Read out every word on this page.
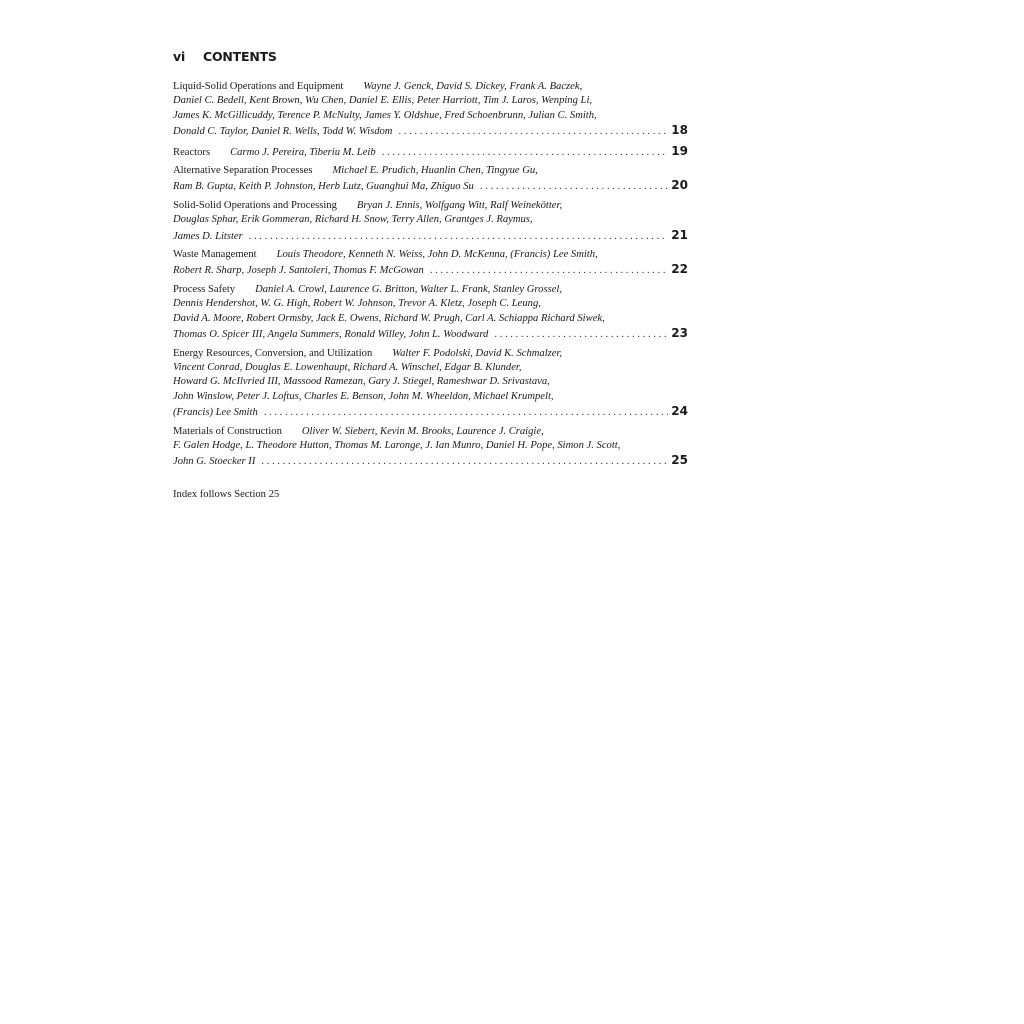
vi	CONTENTS
Liquid-Solid Operations and Equipment Wayne J. Genck, David S. Dickey, Frank A. Baczek,
Daniel C. Bedell, Kent Brown, Wu Chen, Daniel E. Ellis, Peter Harriott, Tim J. Laros, Wenping Li,
James K. McGillicuddy, Terence P. McNulty, James Y. Oldshue, Fred Schoenbrunn, Julian C. Smith,
Donald C. Taylor, Daniel R. Wells, Todd W. Wisdom . . .	18
Reactors Carmo J. Pereira, Tiberiu M. Leib . . .	19
Alternative Separation Processes Michael E. Prudich, Huanlin Chen, Tingyue Gu,
Ram B. Gupta, Keith P. Johnston, Herb Lutz, Guanghui Ma, Zhiguo Su . . .	20
Solid-Solid Operations and Processing Bryan J. Ennis, Wolfgang Witt, Ralf Weinekötter,
Douglas Sphar, Erik Gommeran, Richard H. Snow, Terry Allen, Grantges J. Raymus,
James D. Litster . . .	21
Waste Management Louis Theodore, Kenneth N. Weiss, John D. McKenna, (Francis) Lee Smith,
Robert R. Sharp, Joseph J. Santoleri, Thomas F. McGowan . . .	22
Process Safety Daniel A. Crowl, Laurence G. Britton, Walter L. Frank, Stanley Grossel,
Dennis Hendershot, W. G. High, Robert W. Johnson, Trevor A. Kletz, Joseph C. Leung,
David A. Moore, Robert Ormsby, Jack E. Owens, Richard W. Prugh, Carl A. Schiappa Richard Siwek,
Thomas O. Spicer III, Angela Summers, Ronald Willey, John L. Woodward . . .	23
Energy Resources, Conversion, and Utilization Walter F. Podolski, David K. Schmalzer,
Vincent Conrad, Douglas E. Lowenhaupt, Richard A. Winschel, Edgar B. Klunder,
Howard G. McIlvried III, Massood Ramezan, Gary J. Stiegel, Rameshwar D. Srivastava,
John Winslow, Peter J. Loftus, Charles E. Benson, John M. Wheeldon, Michael Krumpelt,
(Francis) Lee Smith . . .	24
Materials of Construction Oliver W. Siebert, Kevin M. Brooks, Laurence J. Craigie,
F. Galen Hodge, L. Theodore Hutton, Thomas M. Laronge, J. Ian Munro, Daniel H. Pope, Simon J. Scott,
John G. Stoecker II . . .	25
Index follows Section 25
